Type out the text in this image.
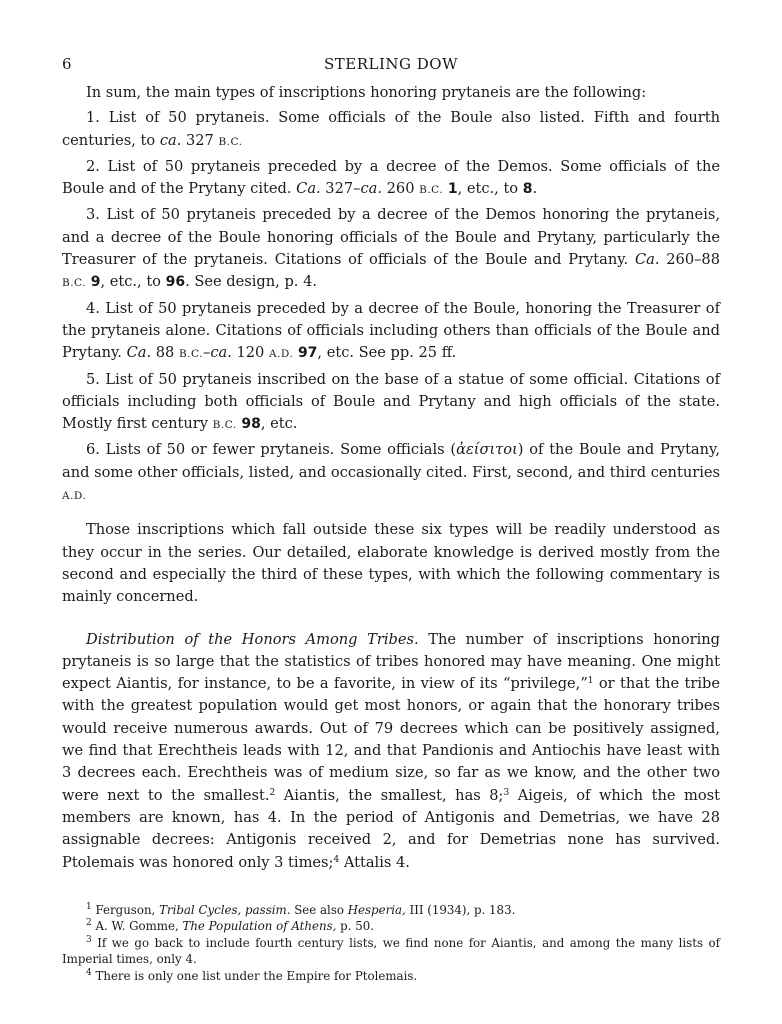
6	STERLING DOW

In sum, the main types of inscriptions honoring prytaneis are the following:

1. List of 50 prytaneis. Some officials of the Boule also listed. Fifth and fourth centuries, to ca. 327 B.C.

2. List of 50 prytaneis preceded by a decree of the Demos. Some officials of the Boule and of the Prytany cited. Ca. 327–ca. 260 B.C. 1, etc., to 8.

3. List of 50 prytaneis preceded by a decree of the Demos honoring the prytaneis, and a decree of the Boule honoring officials of the Boule and Prytany, particularly the Treasurer of the prytaneis. Citations of officials of the Boule and Prytany. Ca. 260–88 B.C. 9, etc., to 96. See design, p. 4.

4. List of 50 prytaneis preceded by a decree of the Boule, honoring the Treasurer of the prytaneis alone. Citations of officials including others than officials of the Boule and Prytany. Ca. 88 B.C.–ca. 120 A.D. 97, etc. See pp. 25 ff.

5. List of 50 prytaneis inscribed on the base of a statue of some official. Citations of officials including both officials of Boule and Prytany and high officials of the state. Mostly first century B.C. 98, etc.

6. Lists of 50 or fewer prytaneis. Some officials (ἀείσιτοι) of the Boule and Prytany, and some other officials, listed, and occasionally cited. First, second, and third centuries A.D.

Those inscriptions which fall outside these six types will be readily understood as they occur in the series. Our detailed, elaborate knowledge is derived mostly from the second and especially the third of these types, with which the following commentary is mainly concerned.

Distribution of the Honors Among Tribes. The number of inscriptions honoring prytaneis is so large that the statistics of tribes honored may have meaning. One might expect Aiantis, for instance, to be a favorite, in view of its “privilege,”$^1$ or that the tribe with the greatest population would get most honors, or again that the honorary tribes would receive numerous awards. Out of 79 decrees which can be positively assigned, we find that Erechtheis leads with 12, and that Pandionis and Antiochis have least with 3 decrees each. Erechtheis was of medium size, so far as we know, and the other two were next to the smallest.$^2$ Aiantis, the smallest, has 8;$^3$ Aigeis, of which the most members are known, has 4. In the period of Antigonis and Demetrias, we have 28 assignable decrees: Antigonis received 2, and for Demetrias none has survived. Ptolemais was honored only 3 times;$^4$ Attalis 4.

$^1$ Ferguson, Tribal Cycles, passim. See also Hesperia, III (1934), p. 183.

$^2$ A. W. Gomme, The Population of Athens, p. 50.

$^3$ If we go back to include fourth century lists, we find none for Aiantis, and among the many lists of Imperial times, only 4.

$^4$ There is only one list under the Empire for Ptolemais.
